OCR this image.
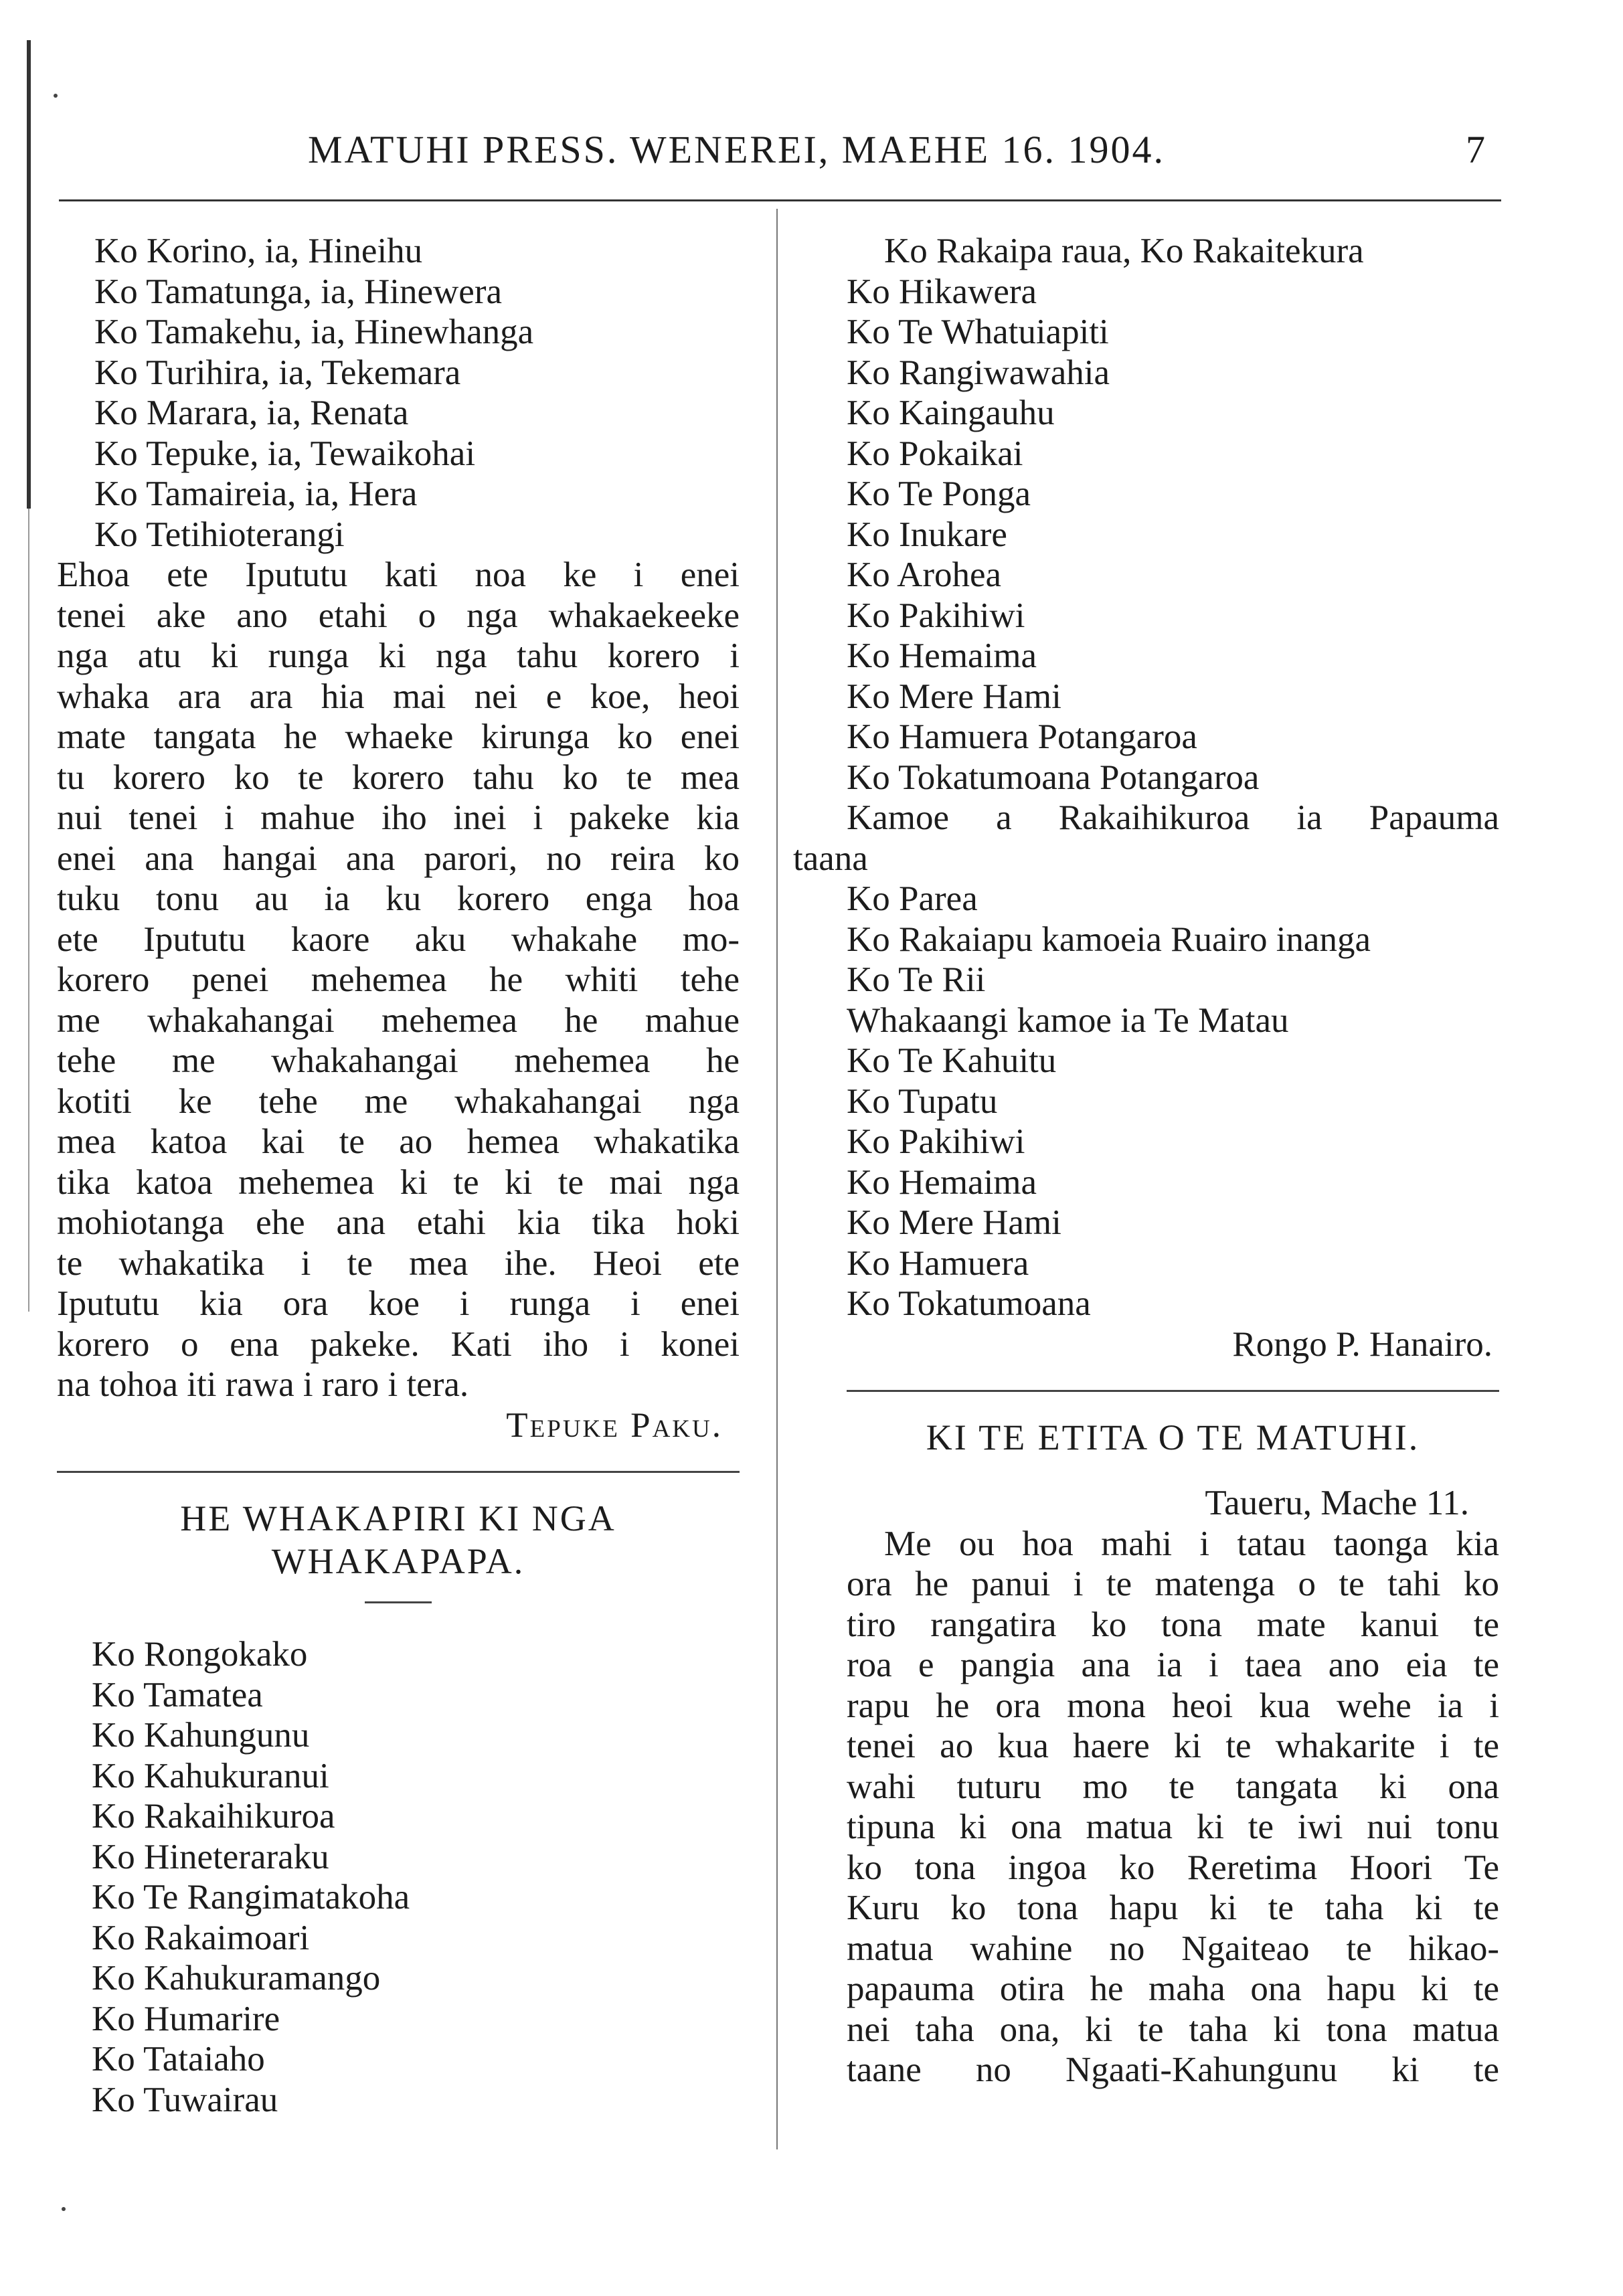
MATUHI PRESS. WENEREI, MAEHE 16. 1904.	7
Ko Korino, ia, Hineihu
Ko Tamatunga, ia, Hinewera
Ko Tamakehu, ia, Hinewhanga
Ko Turihira, ia, Tekemara
Ko Marara, ia, Renata
Ko Tepuke, ia, Tewaikohai
Ko Tamaireia, ia, Hera
Ko Tetihioterangi
Ehoa ete Ipututu kati noa ke i enei
tenei ake ano etahi o nga whakaekeeke
nga atu ki runga ki nga tahu korero i
whaka ara ara hia mai nei e koe, heoi
mate tangata he whaeke kirunga ko enei
tu korero ko te korero tahu ko te mea
nui tenei i mahue iho inei i pakeke kia
enei ana hangai ana parori, no reira ko
tuku tonu au ia ku korero enga hoa
ete Ipututu kaore aku whakahe mo-
korero penei mehemea he whiti tehe
me whakahangai mehemea he mahue
tehe me whakahangai mehemea he
kotiti ke tehe me whakahangai nga
mea katoa kai te ao hemea whakatika
tika katoa mehemea ki te ki te mai nga
mohiotanga ehe ana etahi kia tika hoki
te whakatika i te mea ihe. Heoi ete
Ipututu kia ora koe i runga i enei
korero o ena pakeke. Kati iho i konei
na tohoa iti rawa i raro i tera.
Tepuke Paku.
HE WHAKAPIRI KI NGA
WHAKAPAPA.
Ko Rongokako
Ko Tamatea
Ko Kahungunu
Ko Kahukuranui
Ko Rakaihikuroa
Ko Hineteraraku
Ko Te Rangimatakoha
Ko Rakaimoari
Ko Kahukuramango
Ko Humarire
Ko Tataiaho
Ko Tuwairau
Ko Rakaipa raua, Ko Rakaitekura
Ko Hikawera
Ko Te Whatuiapiti
Ko Rangiwawahia
Ko Kaingauhu
Ko Pokaikai
Ko Te Ponga
Ko Inukare
Ko Arohea
Ko Pakihiwi
Ko Hemaima
Ko Mere Hami
Ko Hamuera Potangaroa
Ko Tokatumoana Potangaroa
Kamoe a Rakaihikuroa ia Papauma
taana
Ko Parea
Ko Rakaiapu kamoeia Ruairo inanga
Ko Te Rii
Whakaangi kamoe ia Te Matau
Ko Te Kahuitu
Ko Tupatu
Ko Pakihiwi
Ko Hemaima
Ko Mere Hami
Ko Hamuera
Ko Tokatumoana
Rongo P. Hanairo.
KI TE ETITA O TE MATUHI.
Taueru, Mache 11.
Me ou hoa mahi i tatau taonga kia
ora he panui i te matenga o te tahi ko
tiro rangatira ko tona mate kanui te
roa e pangia ana ia i taea ano eia te
rapu he ora mona heoi kua wehe ia i
tenei ao kua haere ki te whakarite i te
wahi tuturu mo te tangata ki ona
tipuna ki ona matua ki te iwi nui tonu
ko tona ingoa ko Reretima Hoori Te
Kuru ko tona hapu ki te taha ki te
matua wahine no Ngaiteao te hikao-
papauma otira he maha ona hapu ki te
nei taha ona, ki te taha ki tona matua
taane no Ngaati-Kahungunu ki te
